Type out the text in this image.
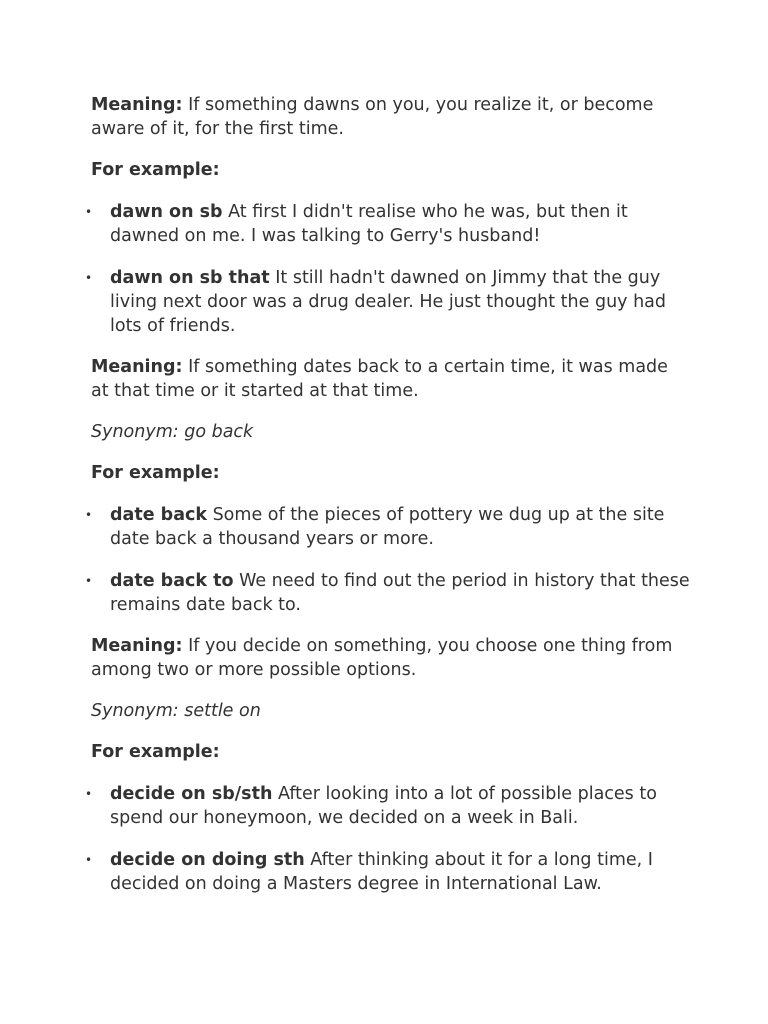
Meaning: If something dawns on you, you realize it, or become aware of it, for the first time.

For example:

• dawn on sb At first I didn't realise who he was, but then it dawned on me. I was talking to Gerry's husband!
• dawn on sb that It still hadn't dawned on Jimmy that the guy living next door was a drug dealer. He just thought the guy had lots of friends.

Meaning: If something dates back to a certain time, it was made at that time or it started at that time.

Synonym: go back

For example:

• date back Some of the pieces of pottery we dug up at the site date back a thousand years or more.
• date back to We need to find out the period in history that these remains date back to.

Meaning: If you decide on something, you choose one thing from among two or more possible options.

Synonym: settle on

For example:

• decide on sb/sth After looking into a lot of possible places to spend our honeymoon, we decided on a week in Bali.
• decide on doing sth After thinking about it for a long time, I decided on doing a Masters degree in International Law.
